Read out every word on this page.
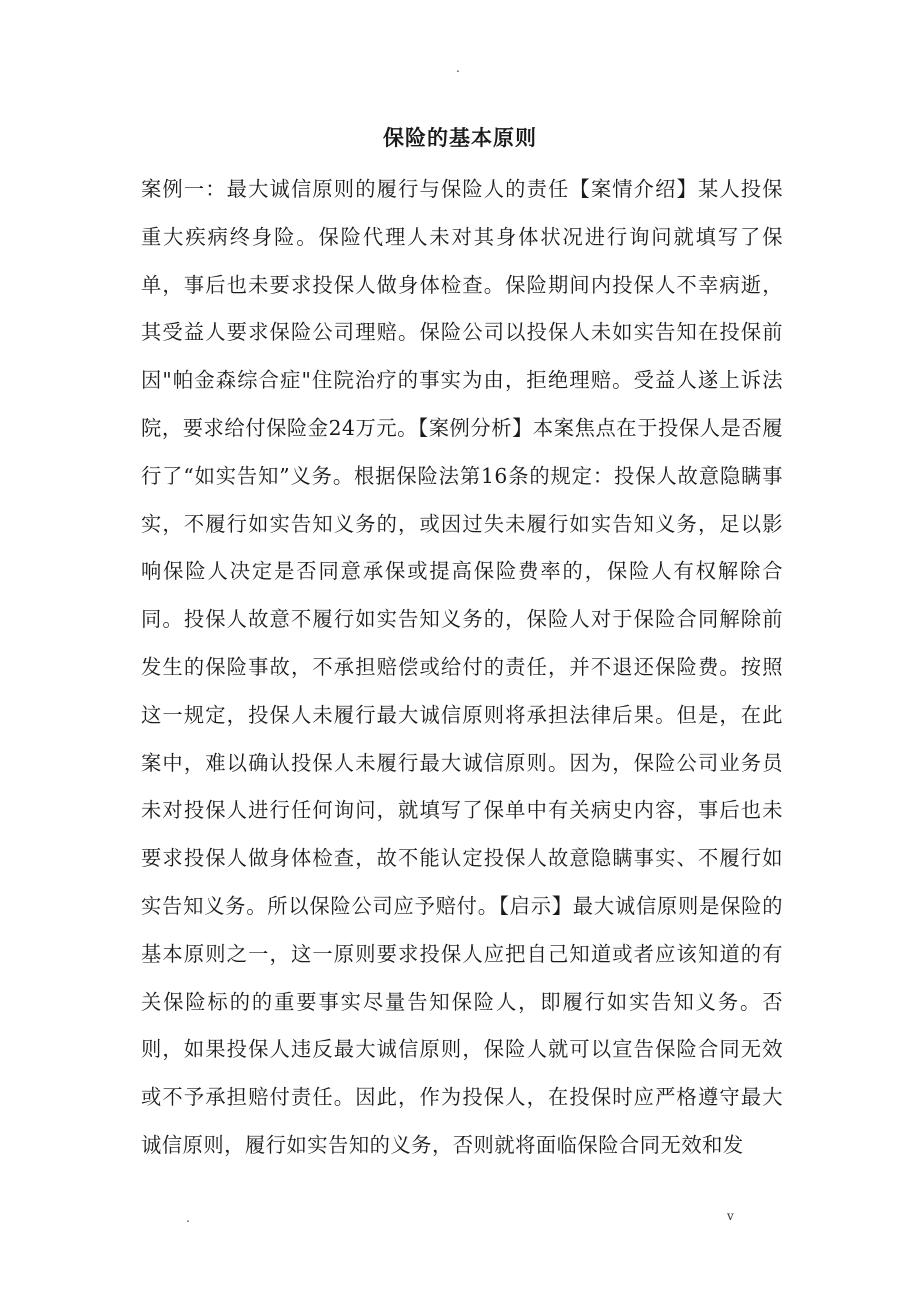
.
保险的基本原则

案例一：最大诚信原则的履行与保险人的责任【案情介绍】某人投保重大疾病终身险。保险代理人未对其身体状况进行询问就填写了保单，事后也未要求投保人做身体检查。保险期间内投保人不幸病逝，其受益人要求保险公司理赔。保险公司以投保人未如实告知在投保前因"帕金森综合症"住院治疗的事实为由，拒绝理赔。受益人遂上诉法院，要求给付保险金24万元。【案例分析】本案焦点在于投保人是否履行了“如实告知”义务。根据保险法第16条的规定：投保人故意隐瞒事实，不履行如实告知义务的，或因过失未履行如实告知义务，足以影响保险人决定是否同意承保或提高保险费率的，保险人有权解除合同。投保人故意不履行如实告知义务的，保险人对于保险合同解除前发生的保险事故，不承担赔偿或给付的责任，并不退还保险费。按照这一规定，投保人未履行最大诚信原则将承担法律后果。但是，在此案中，难以确认投保人未履行最大诚信原则。因为，保险公司业务员未对投保人进行任何询问，就填写了保单中有关病史内容，事后也未要求投保人做身体检查，故不能认定投保人故意隐瞒事实、不履行如实告知义务。所以保险公司应予赔付。【启示】最大诚信原则是保险的基本原则之一，这一原则要求投保人应把自己知道或者应该知道的有关保险标的的重要事实尽量告知保险人，即履行如实告知义务。否则，如果投保人违反最大诚信原则，保险人就可以宣告保险合同无效或不予承担赔付责任。因此，作为投保人，在投保时应严格遵守最大诚信原则，履行如实告知的义务，否则就将面临保险合同无效和发

.	v
